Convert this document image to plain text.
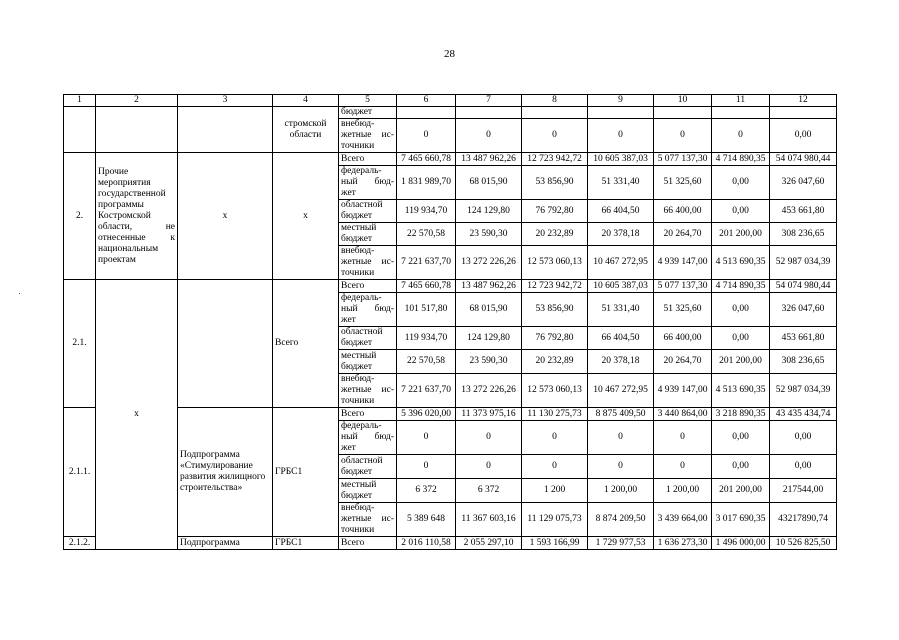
28
1	2	3	4	5	6	7	8	9	10	11	12
			стромской области	бюджет							
				внебюд-жетные ис-точники	0	0	0	0	0	0	0,00
2.	Прочие мероприятия государственной программы Костромской области, не отнесенные к национальным проектам	х	х	Всего	7 465 660,78	13 487 962,26	12 723 942,72	10 605 387,03	5 077 137,30	4 714 890,35	54 074 980,44
				федераль-ный бюд-жет	1 831 989,70	68 015,90	53 856,90	51 331,40	51 325,60	0,00	326 047,60
				областной бюджет	119 934,70	124 129,80	76 792,80	66 404,50	66 400,00	0,00	453 661,80
				местный бюджет	22 570,58	23 590,30	20 232,89	20 378,18	20 264,70	201 200,00	308 236,65
				внебюд-жетные ис-точники	7 221 637,70	13 272 226,26	12 573 060,13	10 467 272,95	4 939 147,00	4 513 690,35	52 987 034,39
2.1.	х		Всего	Всего	7 465 660,78	13 487 962,26	12 723 942,72	10 605 387,03	5 077 137,30	4 714 890,35	54 074 980,44
				федераль-ный бюд-жет	101 517,80	68 015,90	53 856,90	51 331,40	51 325,60	0,00	326 047,60
				областной бюджет	119 934,70	124 129,80	76 792,80	66 404,50	66 400,00	0,00	453 661,80
				местный бюджет	22 570,58	23 590,30	20 232,89	20 378,18	20 264,70	201 200,00	308 236,65
				внебюд-жетные ис-точники	7 221 637,70	13 272 226,26	12 573 060,13	10 467 272,95	4 939 147,00	4 513 690,35	52 987 034,39
2.1.1.		Подпрограмма «Стимулирование развития жилищного строительства»	ГРБС1	Всего	5 396 020,00	11 373 975,16	11 130 275,73	8 875 409,50	3 440 864,00	3 218 890,35	43 435 434,74
				федераль-ный бюд-жет	0	0	0	0	0	0,00	0,00
				областной бюджет	0	0	0	0	0	0,00	0,00
				местный бюджет	6 372	6 372	1 200	1 200,00	1 200,00	201 200,00	217544,00
				внебюд-жетные ис-точники	5 389 648	11 367 603,16	11 129 075,73	8 874 209,50	3 439 664,00	3 017 690,35	43217890,74
2.1.2.		Подпрограмма	ГРБС1	Всего	2 016 110,58	2 055 297,10	1 593 166,99	1 729 977,53	1 636 273,30	1 496 000,00	10 526 825,50
